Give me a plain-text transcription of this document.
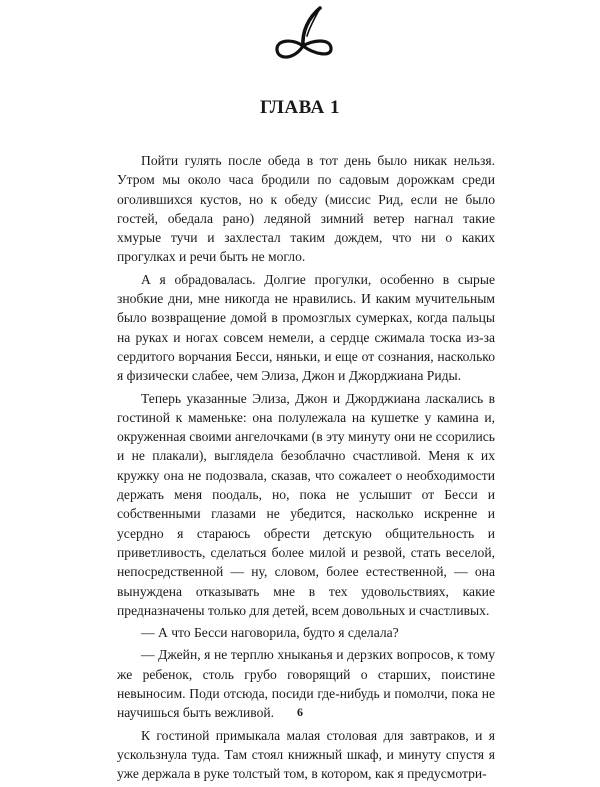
ГЛАВА 1

Пойти гулять после обеда в тот день было никак нельзя. Утром мы около часа бродили по садовым дорожкам среди оголившихся кустов, но к обеду (миссис Рид, если не было гостей, обедала рано) ледяной зимний ветер нагнал такие хмурые тучи и захлестал таким дождем, что ни о каких прогулках и речи быть не могло.

А я обрадовалась. Долгие прогулки, особенно в сырые знобкие дни, мне никогда не нравились. И каким мучительным было возвращение домой в промозглых сумерках, когда пальцы на руках и ногах совсем немели, а сердце сжимала тоска из-за сердитого ворчания Бесси, няньки, и еще от сознания, насколько я физически слабее, чем Элиза, Джон и Джорджиана Риды.

Теперь указанные Элиза, Джон и Джорджиана ласкались в гостиной к маменьке: она полулежала на кушетке у камина и, окруженная своими ангелочками (в эту минуту они не ссорились и не плакали), выглядела безоблачно счастливой. Меня к их кружку она не подозвала, сказав, что сожалеет о необходимости держать меня поодаль, но, пока не услышит от Бесси и собственными глазами не убедится, насколько искренне и усердно я стараюсь обрести детскую общительность и приветливость, сделаться более милой и резвой, стать веселой, непосредственной — ну, словом, более естественной, — она вынуждена отказывать мне в тех удовольствиях, какие предназначены только для детей, всем довольных и счастливых.

— А что Бесси наговорила, будто я сделала?

— Джейн, я не терплю хныканья и дерзких вопросов, к тому же ребенок, столь грубо говорящий о старших, поистине невыносим. Поди отсюда, посиди где-нибудь и помолчи, пока не научишься быть вежливой.

К гостиной примыкала малая столовая для завтраков, и я ускользнула туда. Там стоял книжный шкаф, и минуту спустя я уже держала в руке толстый том, в котором, как я предусмотри-

6
